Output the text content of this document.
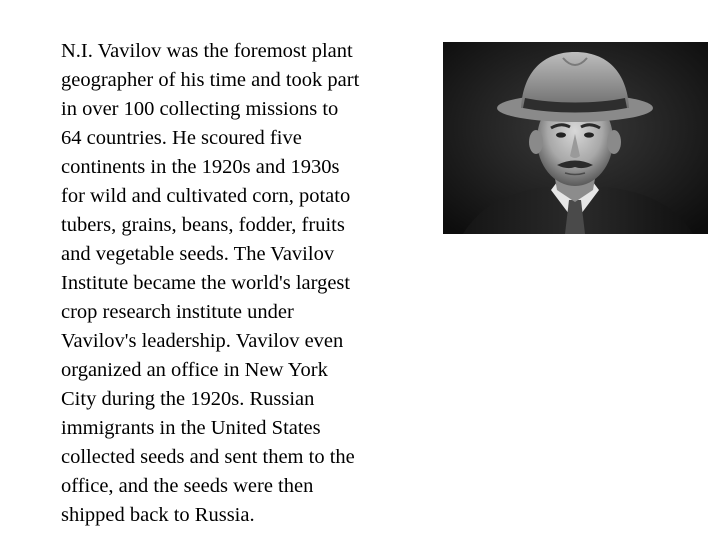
N.I. Vavilov was the foremost plant
geographer of his time and took part
in over 100 collecting missions to
64 countries. He scoured five
continents in the 1920s and 1930s
for wild and cultivated corn, potato
tubers, grains, beans, fodder, fruits
and vegetable seeds. The Vavilov
Institute became the world's largest
crop research institute under
Vavilov's leadership. Vavilov even
organized an office in New York
City during the 1920s. Russian
immigrants in the United States
collected seeds and sent them to the
office, and the seeds were then
shipped back to Russia.
